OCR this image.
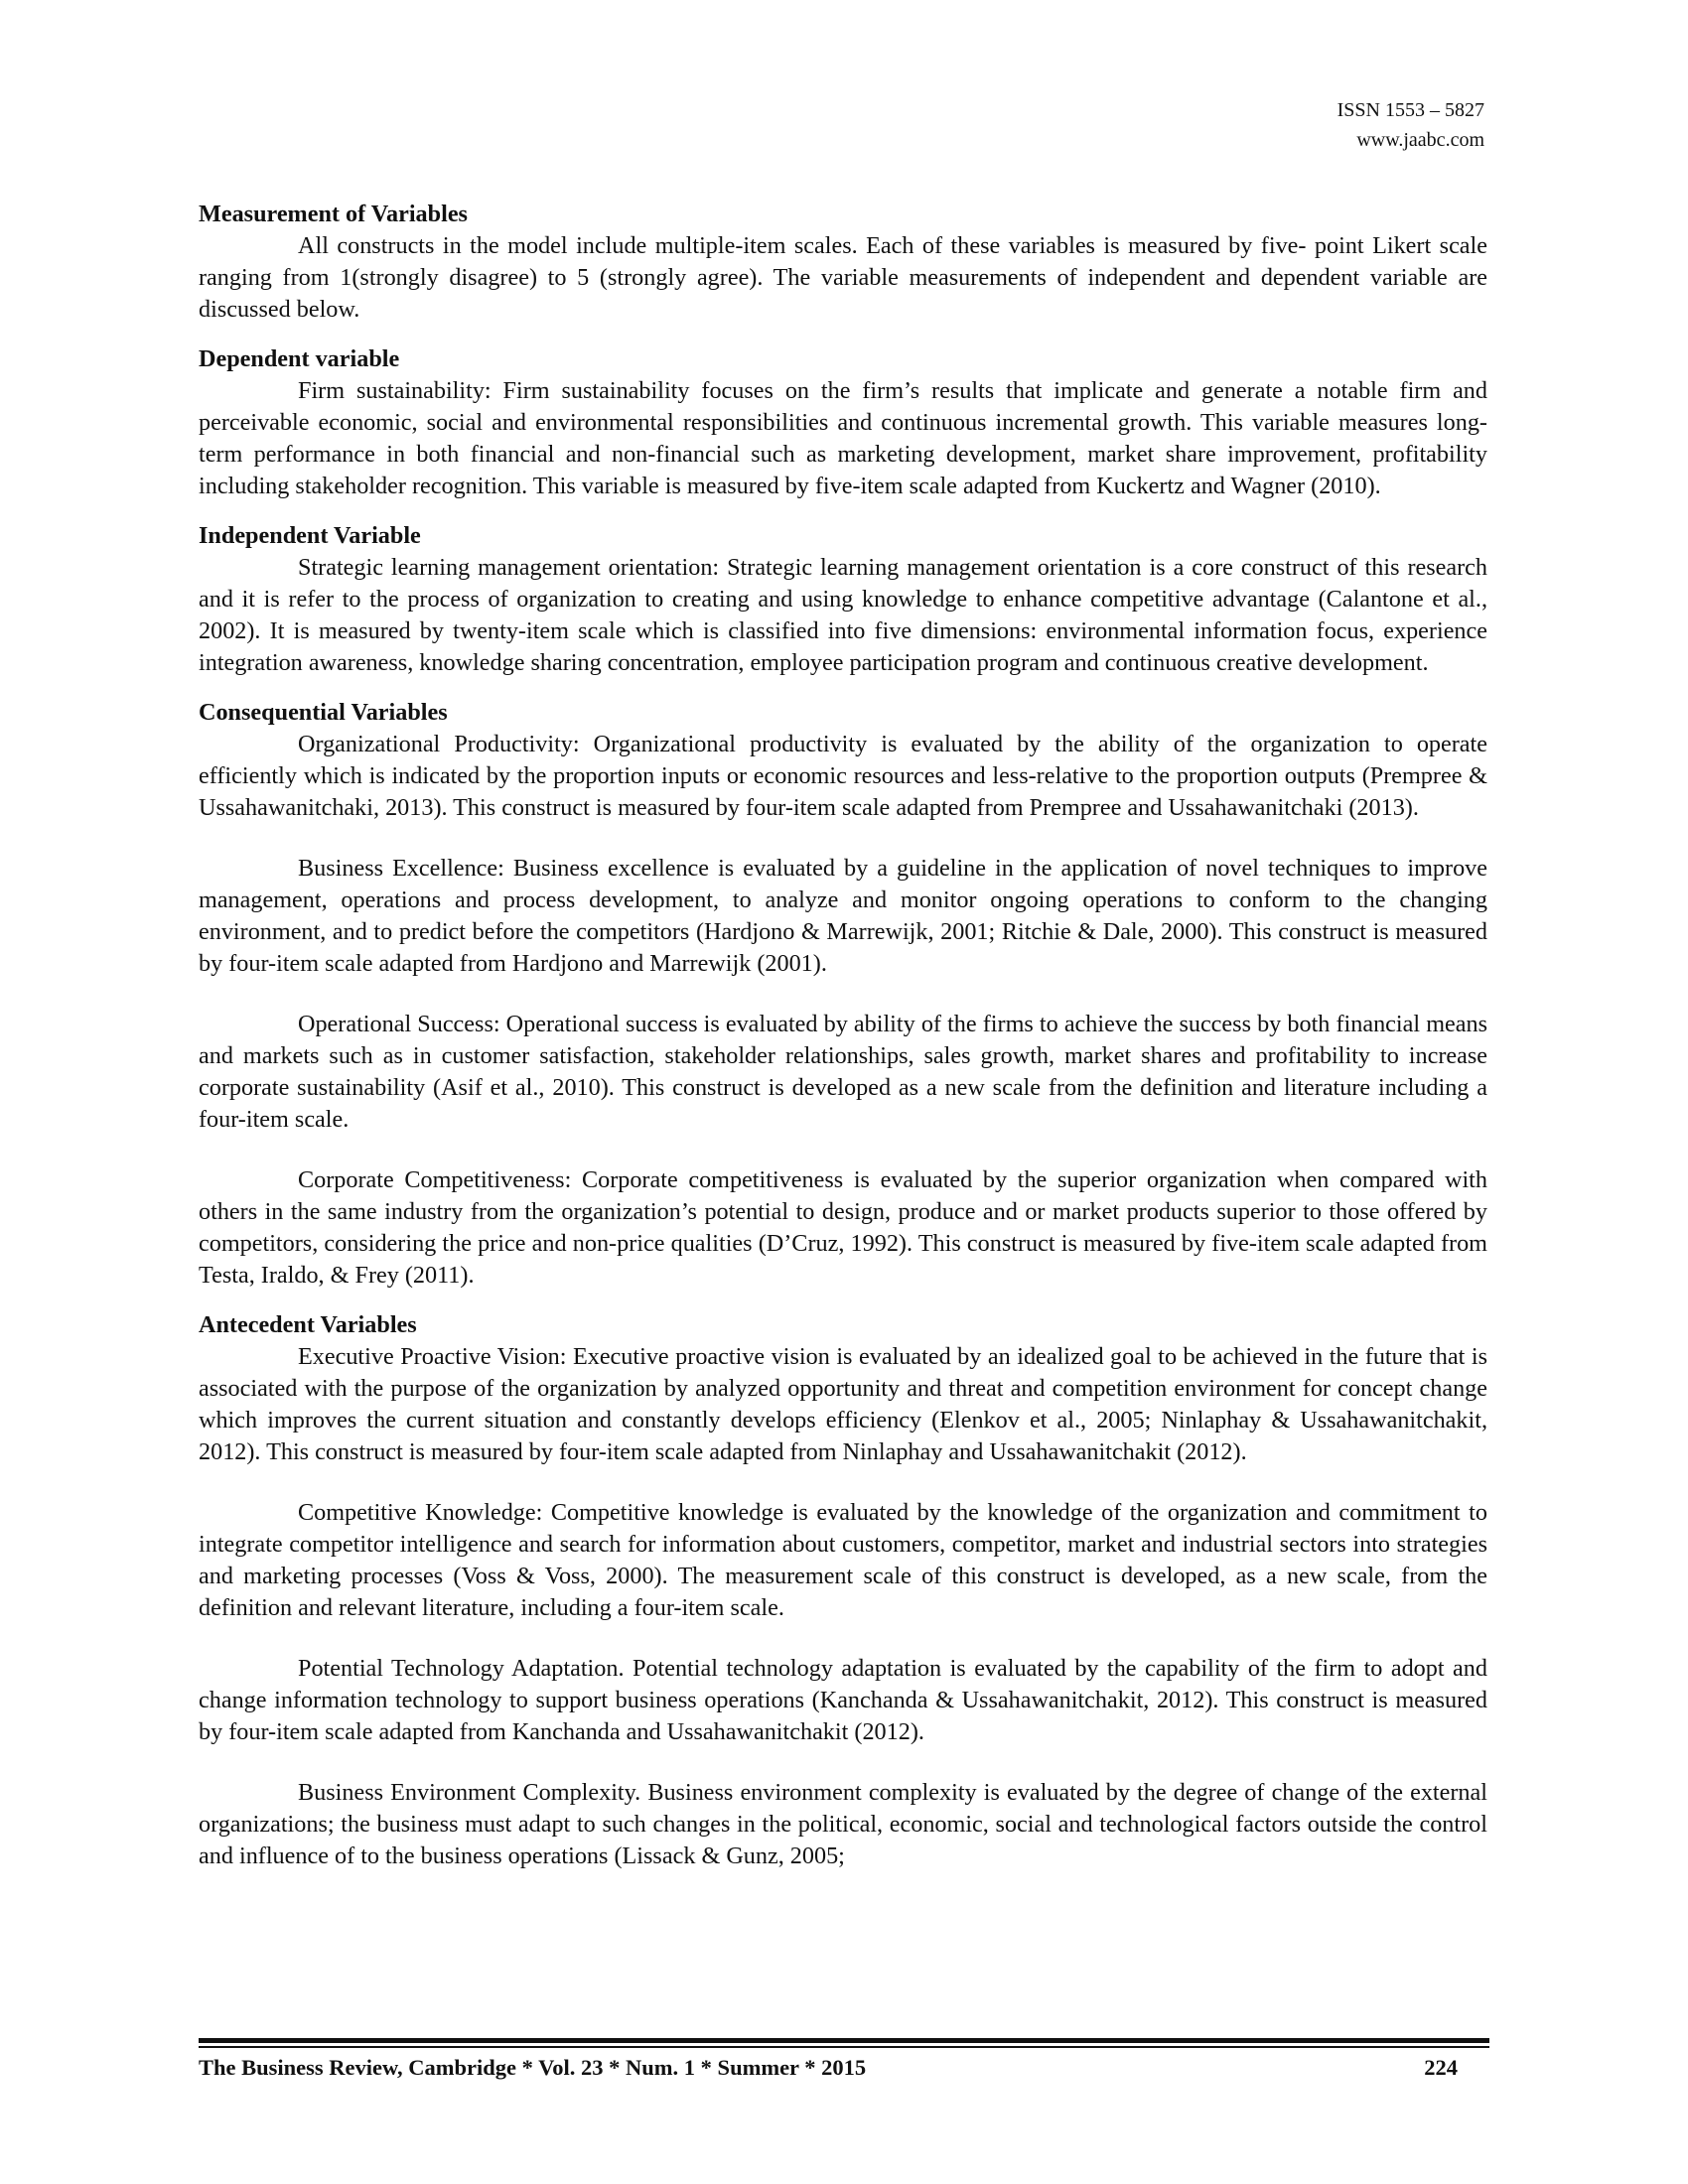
ISSN 1553 – 5827
www.jaabc.com

Measurement of Variables

All constructs in the model include multiple-item scales. Each of these variables is measured by five- point Likert scale ranging from 1(strongly disagree) to 5 (strongly agree). The variable measurements of independent and dependent variable are discussed below.

Dependent variable

Firm sustainability: Firm sustainability focuses on the firm’s results that implicate and generate a notable firm and perceivable economic, social and environmental responsibilities and continuous incremental growth. This variable measures long-term performance in both financial and non-financial such as marketing development, market share improvement, profitability including stakeholder recognition. This variable is measured by five-item scale adapted from Kuckertz and Wagner (2010).

Independent Variable

Strategic learning management orientation: Strategic learning management orientation is a core construct of this research and it is refer to the process of organization to creating and using knowledge to enhance competitive advantage (Calantone et al., 2002). It is measured by twenty-item scale which is classified into five dimensions: environmental information focus, experience integration awareness, knowledge sharing concentration, employee participation program and continuous creative development.

Consequential Variables

Organizational Productivity: Organizational productivity is evaluated by the ability of the organization to operate efficiently which is indicated by the proportion inputs or economic resources and less-relative to the proportion outputs (Prempree & Ussahawanitchaki, 2013). This construct is measured by four-item scale adapted from Prempree and Ussahawanitchaki (2013).

Business Excellence: Business excellence is evaluated by a guideline in the application of novel techniques to improve management, operations and process development, to analyze and monitor ongoing operations to conform to the changing environment, and to predict before the competitors (Hardjono & Marrewijk, 2001; Ritchie & Dale, 2000). This construct is measured by four-item scale adapted from Hardjono and Marrewijk (2001).

Operational Success: Operational success is evaluated by ability of the firms to achieve the success by both financial means and markets such as in customer satisfaction, stakeholder relationships, sales growth, market shares and profitability to increase corporate sustainability (Asif et al., 2010). This construct is developed as a new scale from the definition and literature including a four-item scale.

Corporate Competitiveness: Corporate competitiveness is evaluated by the superior organization when compared with others in the same industry from the organization’s potential to design, produce and or market products superior to those offered by competitors, considering the price and non-price qualities (D’Cruz, 1992). This construct is measured by five-item scale adapted from Testa, Iraldo, & Frey (2011).

Antecedent Variables

Executive Proactive Vision: Executive proactive vision is evaluated by an idealized goal to be achieved in the future that is associated with the purpose of the organization by analyzed opportunity and threat and competition environment for concept change which improves the current situation and constantly develops efficiency (Elenkov et al., 2005; Ninlaphay & Ussahawanitchakit, 2012). This construct is measured by four-item scale adapted from Ninlaphay and Ussahawanitchakit (2012).

Competitive Knowledge: Competitive knowledge is evaluated by the knowledge of the organization and commitment to integrate competitor intelligence and search for information about customers, competitor, market and industrial sectors into strategies and marketing processes (Voss & Voss, 2000). The measurement scale of this construct is developed, as a new scale, from the definition and relevant literature, including a four-item scale.

Potential Technology Adaptation. Potential technology adaptation is evaluated by the capability of the firm to adopt and change information technology to support business operations (Kanchanda & Ussahawanitchakit, 2012). This construct is measured by four-item scale adapted from Kanchanda and Ussahawanitchakit (2012).

Business Environment Complexity. Business environment complexity is evaluated by the degree of change of the external organizations; the business must adapt to such changes in the political, economic, social and technological factors outside the control and influence of to the business operations (Lissack & Gunz, 2005;

The Business Review, Cambridge * Vol. 23 * Num. 1 * Summer * 2015	224
